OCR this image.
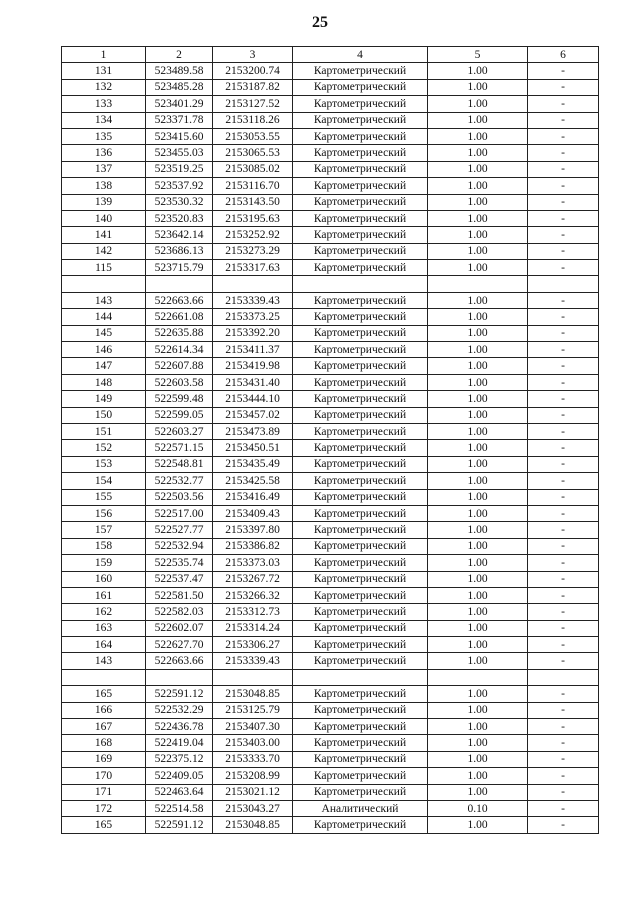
25
1	2	3	4	5	6
131	523489.58	2153200.74	Картометрический	1.00	-
132	523485.28	2153187.82	Картометрический	1.00	-
133	523401.29	2153127.52	Картометрический	1.00	-
134	523371.78	2153118.26	Картометрический	1.00	-
135	523415.60	2153053.55	Картометрический	1.00	-
136	523455.03	2153065.53	Картометрический	1.00	-
137	523519.25	2153085.02	Картометрический	1.00	-
138	523537.92	2153116.70	Картометрический	1.00	-
139	523530.32	2153143.50	Картометрический	1.00	-
140	523520.83	2153195.63	Картометрический	1.00	-
141	523642.14	2153252.92	Картометрический	1.00	-
142	523686.13	2153273.29	Картометрический	1.00	-
115	523715.79	2153317.63	Картометрический	1.00	-

143	522663.66	2153339.43	Картометрический	1.00	-
144	522661.08	2153373.25	Картометрический	1.00	-
145	522635.88	2153392.20	Картометрический	1.00	-
146	522614.34	2153411.37	Картометрический	1.00	-
147	522607.88	2153419.98	Картометрический	1.00	-
148	522603.58	2153431.40	Картометрический	1.00	-
149	522599.48	2153444.10	Картометрический	1.00	-
150	522599.05	2153457.02	Картометрический	1.00	-
151	522603.27	2153473.89	Картометрический	1.00	-
152	522571.15	2153450.51	Картометрический	1.00	-
153	522548.81	2153435.49	Картометрический	1.00	-
154	522532.77	2153425.58	Картометрический	1.00	-
155	522503.56	2153416.49	Картометрический	1.00	-
156	522517.00	2153409.43	Картометрический	1.00	-
157	522527.77	2153397.80	Картометрический	1.00	-
158	522532.94	2153386.82	Картометрический	1.00	-
159	522535.74	2153373.03	Картометрический	1.00	-
160	522537.47	2153267.72	Картометрический	1.00	-
161	522581.50	2153266.32	Картометрический	1.00	-
162	522582.03	2153312.73	Картометрический	1.00	-
163	522602.07	2153314.24	Картометрический	1.00	-
164	522627.70	2153306.27	Картометрический	1.00	-
143	522663.66	2153339.43	Картометрический	1.00	-

165	522591.12	2153048.85	Картометрический	1.00	-
166	522532.29	2153125.79	Картометрический	1.00	-
167	522436.78	2153407.30	Картометрический	1.00	-
168	522419.04	2153403.00	Картометрический	1.00	-
169	522375.12	2153333.70	Картометрический	1.00	-
170	522409.05	2153208.99	Картометрический	1.00	-
171	522463.64	2153021.12	Картометрический	1.00	-
172	522514.58	2153043.27	Аналитический	0.10	-
165	522591.12	2153048.85	Картометрический	1.00	-
